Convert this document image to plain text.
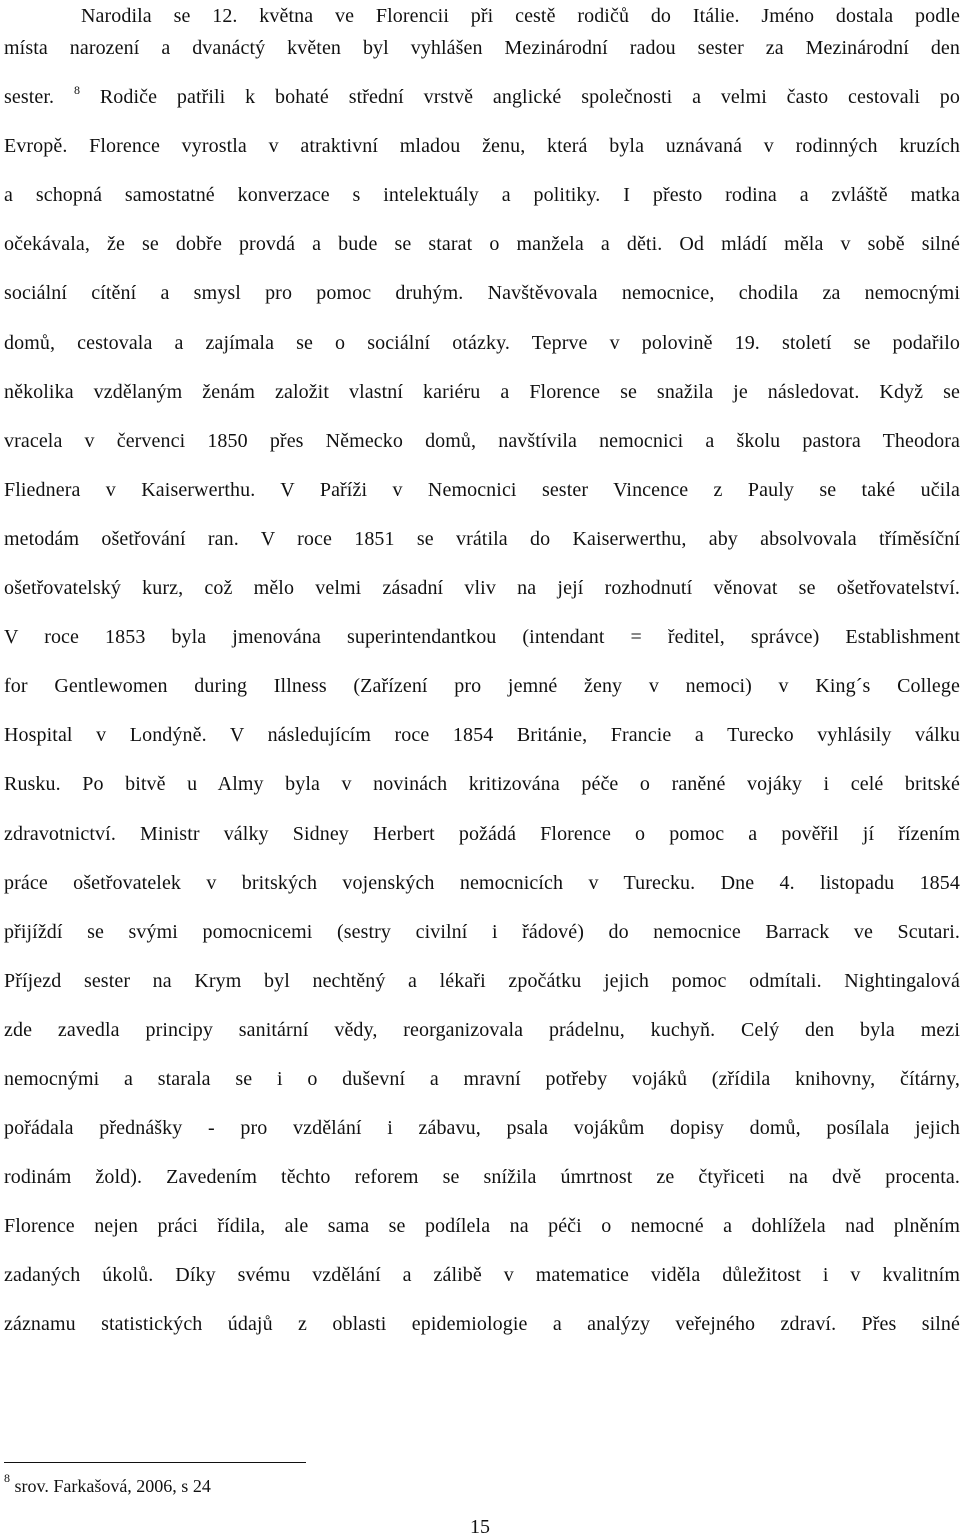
Narodila se 12. května ve Florencii při cestě rodičů do Itálie. Jméno dostala podle
místa narození a dvanáctý květen byl vyhlášen Mezinárodní radou sester za Mezinárodní den
sester. $^8$ Rodiče patřili k bohaté střední vrstvě anglické společnosti a velmi často cestovali po
Evropě. Florence vyrostla v atraktivní mladou ženu, která byla uznávaná v rodinných kruzích
a schopná samostatné konverzace s intelektuály a politiky. I přesto rodina a zvláště matka
očekávala, že se dobře provdá a bude se starat o manžela a děti. Od mládí měla v sobě silné
sociální cítění a smysl pro pomoc druhým. Navštěvovala nemocnice, chodila za nemocnými
domů, cestovala a zajímala se o sociální otázky. Teprve v polovině 19. století se podařilo
několika vzdělaným ženám založit vlastní kariéru a Florence se snažila je následovat. Když se
vracela v červenci 1850 přes Německo domů, navštívila nemocnici a školu pastora Theodora
Fliednera v Kaiserwerthu. V Paříži v Nemocnici sester Vincence z Pauly se také učila
metodám ošetřování ran. V roce 1851 se vrátila do Kaiserwerthu, aby absolvovala tříměsíční
ošetřovatelský kurz, což mělo velmi zásadní vliv na její rozhodnutí věnovat se ošetřovatelství.
V roce 1853 byla jmenována superintendantkou (intendant = ředitel, správce) Establishment
for Gentlewomen during Illness (Zařízení pro jemné ženy v nemoci) v King´s College
Hospital v Londýně. V následujícím roce 1854 Británie, Francie a Turecko vyhlásily válku
Rusku. Po bitvě u Almy byla v novinách kritizována péče o raněné vojáky i celé britské
zdravotnictví. Ministr války Sidney Herbert požádá Florence o pomoc a pověřil jí řízením
práce ošetřovatelek v britských vojenských nemocnicích v Turecku. Dne 4. listopadu 1854
přijíždí se svými pomocnicemi (sestry civilní i řádové) do nemocnice Barrack ve Scutari.
Příjezd sester na Krym byl nechtěný a lékaři zpočátku jejich pomoc odmítali. Nightingalová
zde zavedla principy sanitární vědy, reorganizovala prádelnu, kuchyň. Celý den byla mezi
nemocnými a starala se i o duševní a mravní potřeby vojáků (zřídila knihovny, čítárny,
pořádala přednášky - pro vzdělání i zábavu, psala vojákům dopisy domů, posílala jejich
rodinám žold). Zavedením těchto reforem se snížila úmrtnost ze čtyřiceti na dvě procenta.
Florence nejen práci řídila, ale sama se podílela na péči o nemocné a dohlížela nad plněním
zadaných úkolů. Díky svému vzdělání a zálibě v matematice viděla důležitost i v kvalitním
záznamu statistických údajů z oblasti epidemiologie a analýzy veřejného zdraví. Přes silné
$^8$ srov. Farkašová, 2006, s 24
15
